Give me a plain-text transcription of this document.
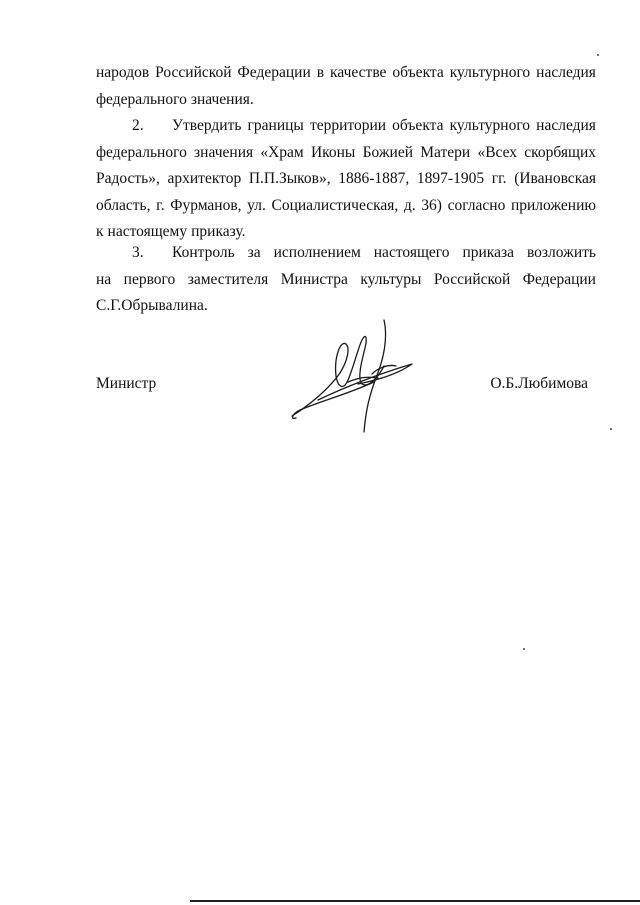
народов Российской Федерации в качестве объекта культурного наследия
федерального значения.
2.	Утвердить границы территории объекта культурного наследия
федерального значения «Храм Иконы Божией Матери «Всех скорбящих
Радость», архитектор П.П.Зыков», 1886-1887, 1897-1905 гг. (Ивановская
область, г. Фурманов, ул. Социалистическая, д. 36) согласно приложению
к настоящему приказу.
3.	Контроль за исполнением настоящего приказа возложить
на первого заместителя Министра культуры Российской Федерации
С.Г.Обрывалина.
Министр	О.Б.Любимова
